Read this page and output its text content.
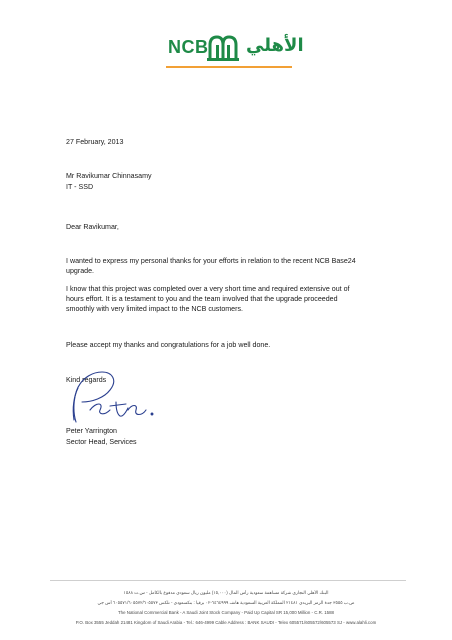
NCB الأهلي
27 February, 2013
Mr Ravikumar Chinnasamy
IT - SSD
Dear Ravikumar,

I wanted to express my personal thanks for your efforts in relation to the recent NCB Base24

upgrade.

I know that this project was completed over a very short time and required extensive out of

hours effort. It is a testament to you and the team involved that the upgrade proceeded

smoothly with very limited impact to the NCB customers.

Please accept my thanks and congratulations for a job well done.

Kind regards
Peter Yarrington
Sector Head, Services
البنك الأهلي التجاري شركة مساهمة سعودية رأس المال (١٥,٠٠٠) مليون ريال سعودي مدفوع بالكامل - س.ت ١٥٨٨
ص.ب ٣٥٥٥ جدة الرمز البريدي ٢١٤٨١ المملكة العربية السعودية هاتف ٦٤٦٤٩٩٩-٠٢ برقيا : بنكسعودي - تلكس ٦٠٥٥٧١/٦٠٥٥٧٢/٦٠٥٥٧٣ أس جي
The National Commercial Bank - A Saudi Joint Stock Company - Paid Up Capital SR 15,000 Million - C.R. 1588
P.O. Box 3555 Jeddah 21481 Kingdom of Saudi Arabia - Tel.: 646-4999 Cable Address : BANK SAUDI - Telex 605571/605572/605573 SJ - www.alahli.com
